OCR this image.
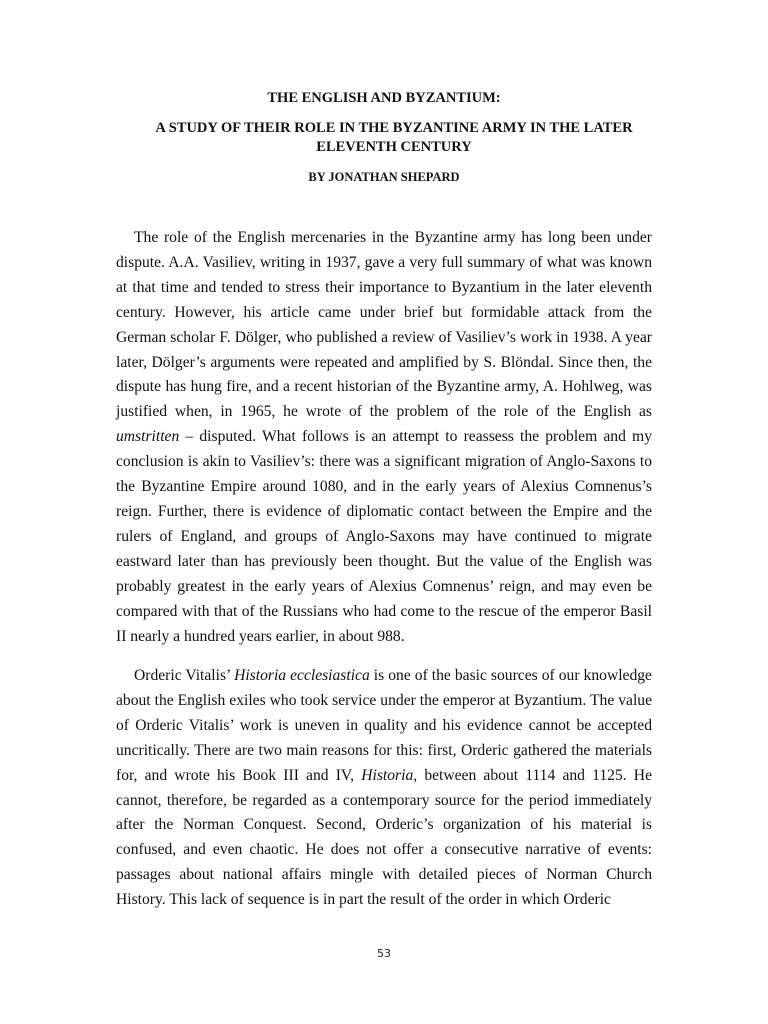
THE ENGLISH AND BYZANTIUM:
A STUDY OF THEIR ROLE IN THE BYZANTINE ARMY IN THE LATER ELEVENTH CENTURY

BY JONATHAN SHEPARD

The role of the English mercenaries in the Byzantine army has long been under dispute. A.A. Vasiliev, writing in 1937, gave a very full summary of what was known at that time and tended to stress their importance to Byzantium in the later eleventh century. However, his article came under brief but formidable attack from the German scholar F. Dölger, who published a review of Vasiliev’s work in 1938. A year later, Dölger’s arguments were repeated and amplified by S. Blöndal. Since then, the dispute has hung fire, and a recent historian of the Byzantine army, A. Hohlweg, was justified when, in 1965, he wrote of the problem of the role of the English as umstritten – disputed. What follows is an attempt to reassess the problem and my conclusion is akin to Vasiliev’s: there was a significant migration of Anglo-Saxons to the Byzantine Empire around 1080, and in the early years of Alexius Comnenus’s reign. Further, there is evidence of diplomatic contact between the Empire and the rulers of England, and groups of Anglo-Saxons may have continued to migrate eastward later than has previously been thought. But the value of the English was probably greatest in the early years of Alexius Comnenus’ reign, and may even be compared with that of the Russians who had come to the rescue of the emperor Basil II nearly a hundred years earlier, in about 988.

Orderic Vitalis’ Historia ecclesiastica is one of the basic sources of our knowledge about the English exiles who took service under the emperor at Byzantium. The value of Orderic Vitalis’ work is uneven in quality and his evidence cannot be accepted uncritically. There are two main reasons for this: first, Orderic gathered the materials for, and wrote his Book III and IV, Historia, between about 1114 and 1125. He cannot, therefore, be regarded as a contemporary source for the period immediately after the Norman Conquest. Second, Orderic’s organization of his material is confused, and even chaotic. He does not offer a consecutive narrative of events: passages about national affairs mingle with detailed pieces of Norman Church History. This lack of sequence is in part the result of the order in which Orderic

53
